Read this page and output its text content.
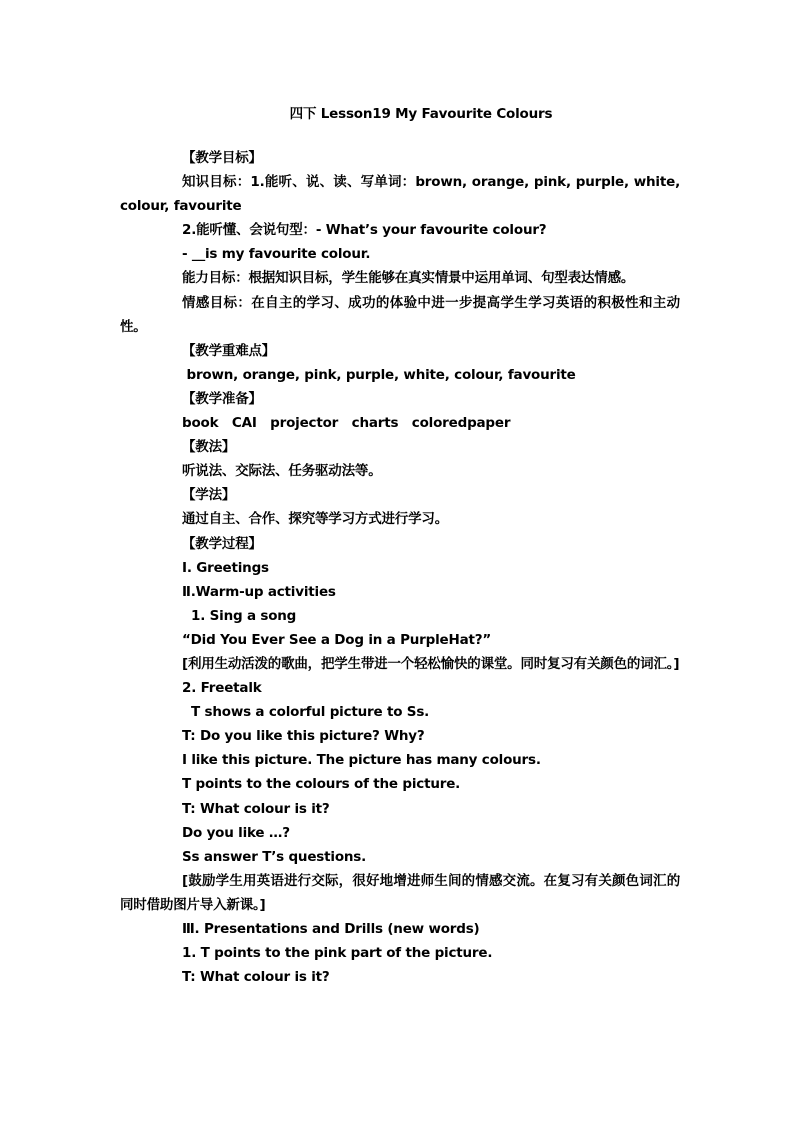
四下 Lesson19 My Favourite Colours

【教学目标】

知识目标：1.能听、说、读、写单词：brown, orange, pink, purple, white, colour, favourite

2.能听懂、会说句型：- What’s your favourite colour?

- __is my favourite colour.

能力目标：根据知识目标，学生能够在真实情景中运用单词、句型表达情感。

情感目标：在自主的学习、成功的体验中进一步提高学生学习英语的积极性和主动性。

【教学重难点】

brown, orange, pink, purple, white, colour, favourite

【教学准备】

book   CAI   projector   charts   coloredpaper

【教法】

听说法、交际法、任务驱动法等。

【学法】

通过自主、合作、探究等学习方式进行学习。

【教学过程】

Ⅰ. Greetings

Ⅱ.Warm-up activities

1. Sing a song

“Did You Ever See a Dog in a PurpleHat?”

[利用生动活泼的歌曲，把学生带进一个轻松愉快的课堂。同时复习有关颜色的词汇。]

2. Freetalk

T shows a colorful picture to Ss.

T: Do you like this picture? Why?

I like this picture. The picture has many colours.

T points to the colours of the picture.

T: What colour is it?

Do you like …?

Ss answer T’s questions.

[鼓励学生用英语进行交际，很好地增进师生间的情感交流。在复习有关颜色词汇的同时借助图片导入新课。]

Ⅲ. Presentations and Drills (new words)

1. T points to the pink part of the picture.

T: What colour is it?
